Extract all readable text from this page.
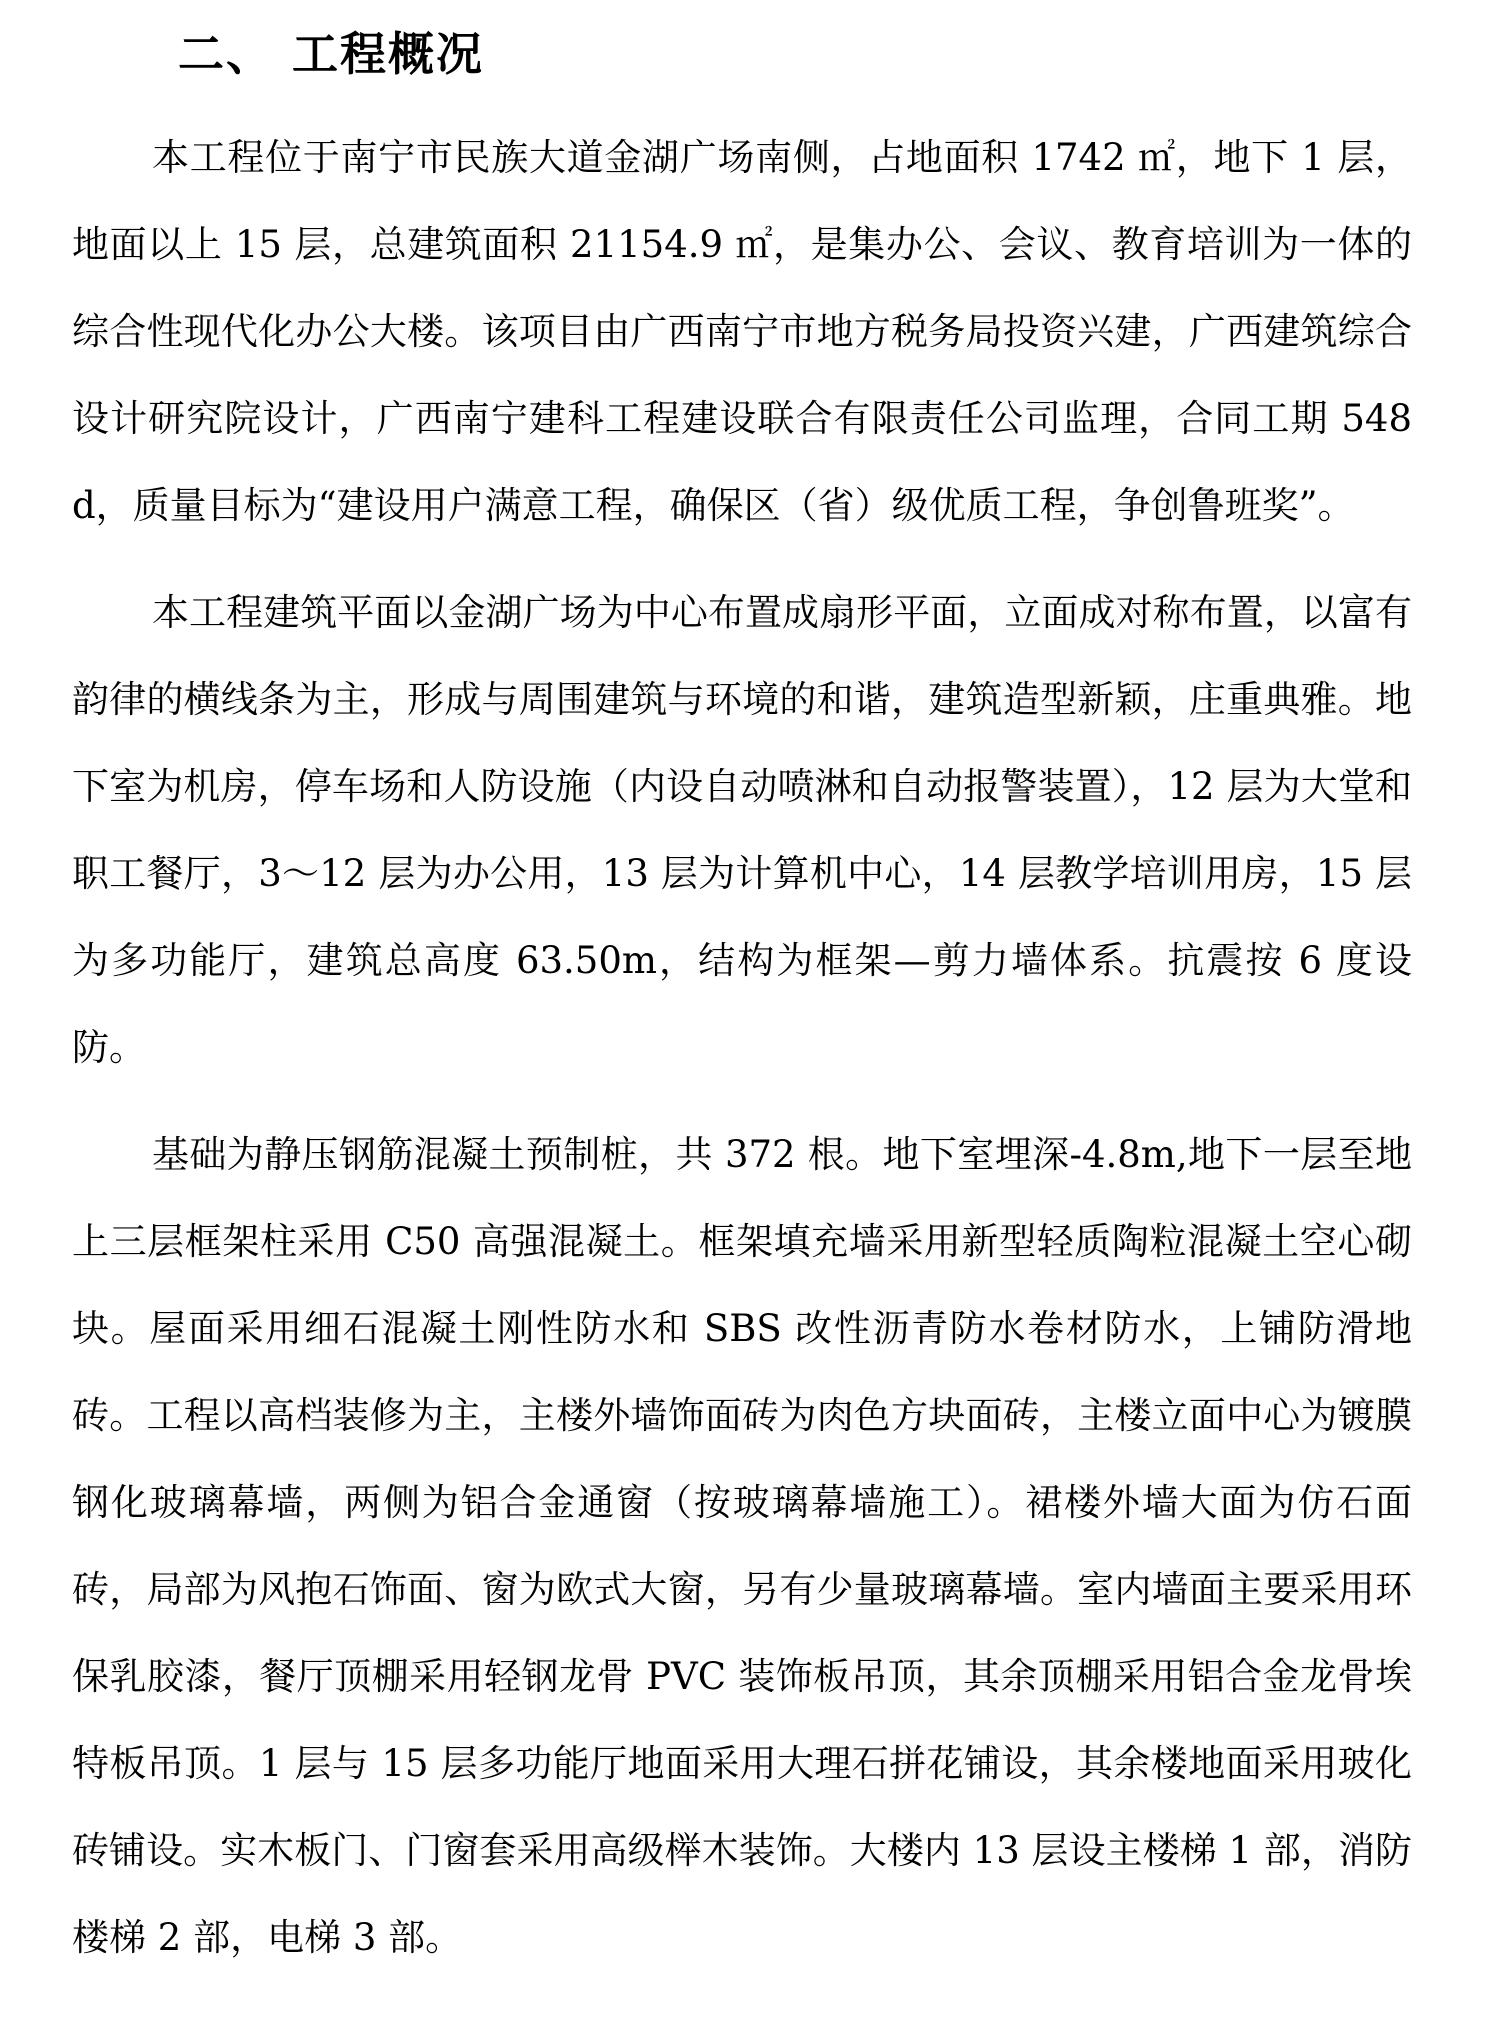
二、 工程概况

本工程位于南宁市民族大道金湖广场南侧，占地面积 1742 ㎡，地下 1 层，地面以上 15 层，总建筑面积 21154.9 ㎡，是集办公、会议、教育培训为一体的综合性现代化办公大楼。该项目由广西南宁市地方税务局投资兴建，广西建筑综合设计研究院设计，广西南宁建科工程建设联合有限责任公司监理，合同工期 548d，质量目标为“建设用户满意工程，确保区（省）级优质工程，争创鲁班奖”。

本工程建筑平面以金湖广场为中心布置成扇形平面，立面成对称布置，以富有韵律的横线条为主，形成与周围建筑与环境的和谐，建筑造型新颖，庄重典雅。地下室为机房，停车场和人防设施（内设自动喷淋和自动报警装置），12 层为大堂和职工餐厅，3～12 层为办公用，13 层为计算机中心，14 层教学培训用房，15 层为多功能厅，建筑总高度 63.50m，结构为框架—剪力墙体系。抗震按 6 度设防。

基础为静压钢筋混凝土预制桩，共 372 根。地下室埋深-4.8m,地下一层至地上三层框架柱采用 C50 高强混凝土。框架填充墙采用新型轻质陶粒混凝土空心砌块。屋面采用细石混凝土刚性防水和 SBS 改性沥青防水卷材防水，上铺防滑地砖。工程以高档装修为主，主楼外墙饰面砖为肉色方块面砖，主楼立面中心为镀膜钢化玻璃幕墙，两侧为铝合金通窗（按玻璃幕墙施工）。裙楼外墙大面为仿石面砖，局部为风抱石饰面、窗为欧式大窗，另有少量玻璃幕墙。室内墙面主要采用环保乳胶漆，餐厅顶棚采用轻钢龙骨 PVC 装饰板吊顶，其余顶棚采用铝合金龙骨埃特板吊顶。1 层与 15 层多功能厅地面采用大理石拼花铺设，其余楼地面采用玻化砖铺设。实木板门、门窗套采用高级榉木装饰。大楼内 13 层设主楼梯 1 部，消防楼梯 2 部，电梯 3 部。
